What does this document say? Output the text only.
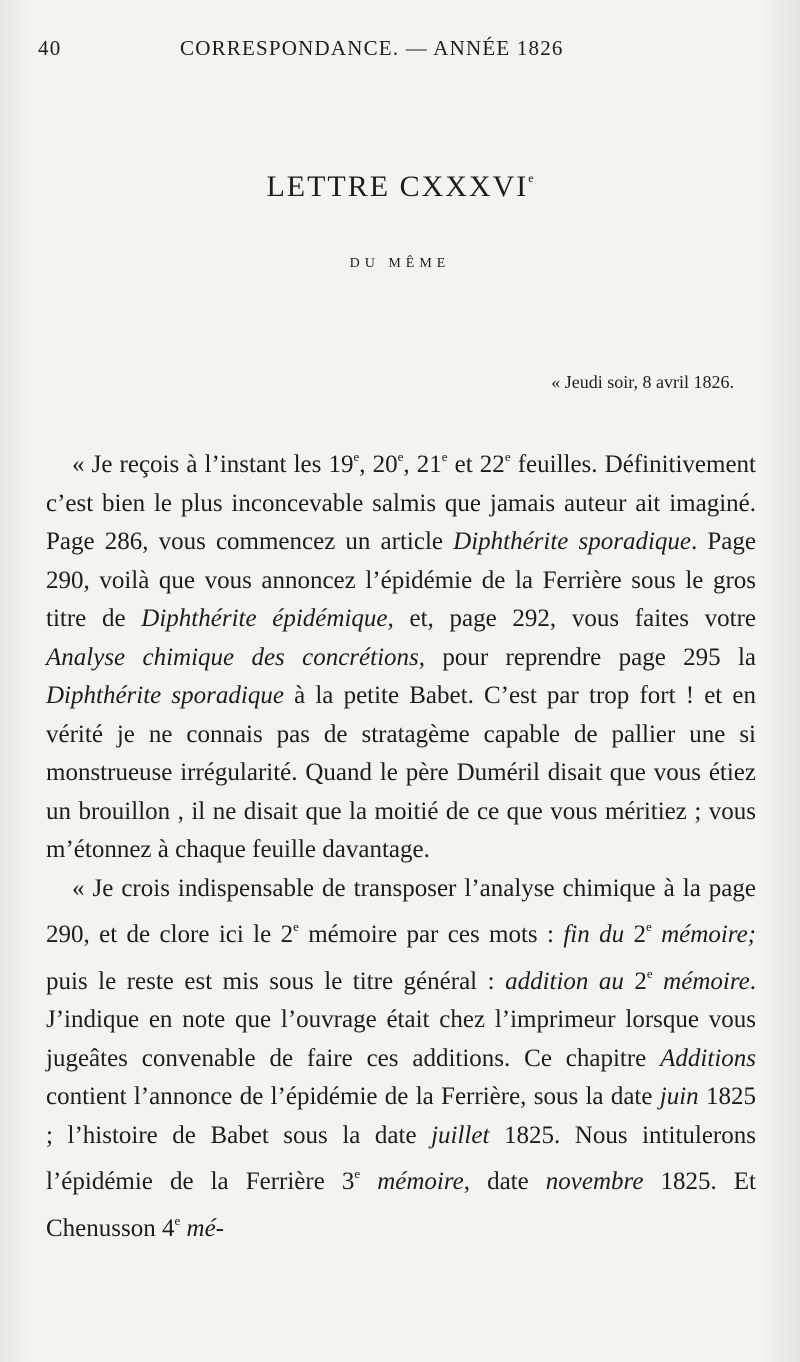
40	CORRESPONDANCE. — ANNÉE 1826
LETTRE CXXXVIe
DU MÊME
« Jeudi soir, 8 avril 1826.

« Je reçois à l’instant les 19e, 20e, 21e et 22e feuilles. Définitivement c’est bien le plus inconcevable salmis que jamais auteur ait imaginé. Page 286, vous commencez un article Diphthérite sporadique. Page 290, voilà que vous annoncez l’épidémie de la Ferrière sous le gros titre de Diphthérite épidémique, et, page 292, vous faites votre Analyse chimique des concrétions, pour reprendre page 295 la Diphthérite sporadique à la petite Babet. C’est par trop fort ! et en vérité je ne connais pas de stratagème capable de pallier une si monstrueuse irrégularité. Quand le père Duméril disait que vous étiez un brouillon , il ne disait que la moitié de ce que vous méritiez ; vous m’étonnez à chaque feuille davantage.

« Je crois indispensable de transposer l’analyse chimique à la page 290, et de clore ici le 2e mémoire par ces mots : fin du 2e mémoire; puis le reste est mis sous le titre général : addition au 2e mémoire. J’indique en note que l’ouvrage était chez l’imprimeur lorsque vous jugeâtes convenable de faire ces additions. Ce chapitre Additions contient l’annonce de l’épidémie de la Ferrière, sous la date juin 1825 ; l’histoire de Babet sous la date juillet 1825. Nous intitulerons l’épidémie de la Ferrière 3e mémoire, date novembre 1825. Et Chenusson 4e mé-
